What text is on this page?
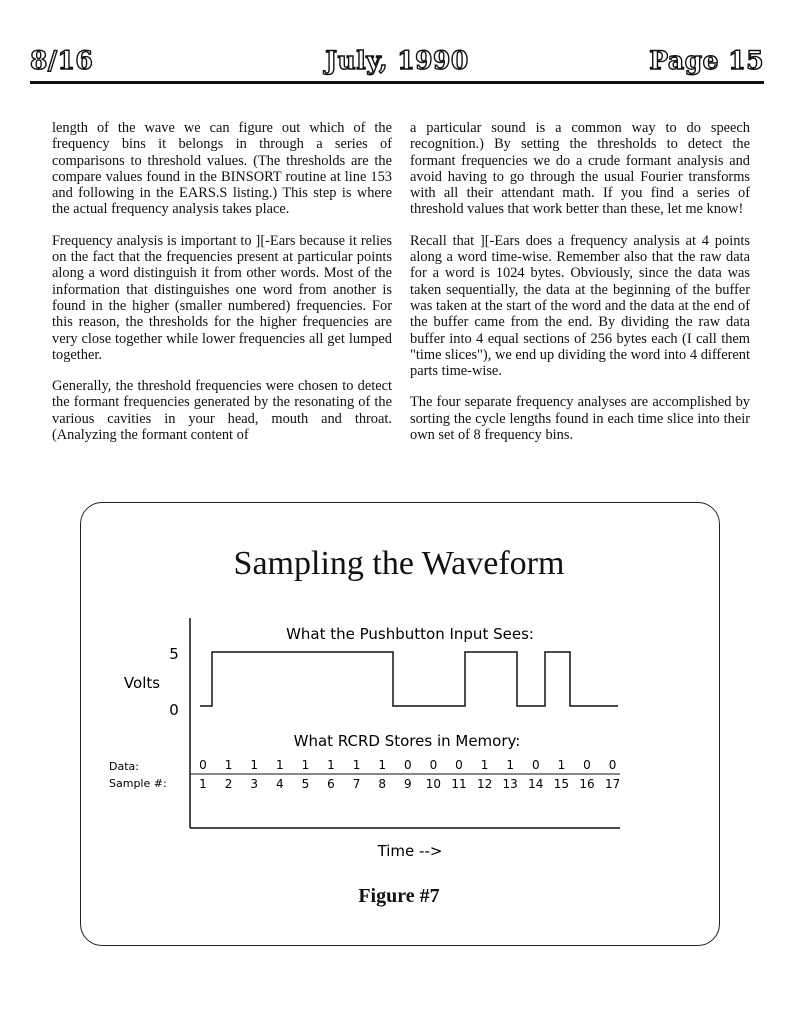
8/16	July, 1990	Page 15

length of the wave we can figure out which of the frequency bins it belongs in through a series of comparisons to threshold values. (The thresholds are the compare values found in the BINSORT routine at line 153 and following in the EARS.S listing.) This step is where the actual frequency analysis takes place.

Frequency analysis is important to ][-Ears because it relies on the fact that the frequencies present at particular points along a word distinguish it from other words. Most of the information that distinguishes one word from another is found in the higher (smaller numbered) frequencies. For this reason, the thresholds for the higher frequencies are very close together while lower frequencies all get lumped together.

Generally, the threshold frequencies were chosen to detect the formant frequencies generated by the resonating of the various cavities in your head, mouth and throat. (Analyzing the formant content of

a particular sound is a common way to do speech recognition.) By setting the thresholds to detect the formant frequencies we do a crude formant analysis and avoid having to go through the usual Fourier transforms with all their attendant math. If you find a series of threshold values that work better than these, let me know!

Recall that ][-Ears does a frequency analysis at 4 points along a word time-wise. Remember also that the raw data for a word is 1024 bytes. Obviously, since the data was taken sequentially, the data at the beginning of the buffer was taken at the start of the word and the data at the end of the buffer came from the end. By dividing the raw data buffer into 4 equal sections of 256 bytes each (I call them "time slices"), we end up dividing the word into 4 different parts time-wise.

The four separate frequency analyses are accomplished by sorting the cycle lengths found in each time slice into their own set of 8 frequency bins.

Sampling the Waveform
Figure #7
What the Pushbutton Input Sees:
5
Volts
0
What RCRD Stores in Memory:
Data:
Sample #:
0 1 1 1 1 1 1 1 0 0 0 1 1 0 1 0 0
1 2 3 4 5 6 7 8 9 10 11 12 13 14 15 16 17
Time -->
